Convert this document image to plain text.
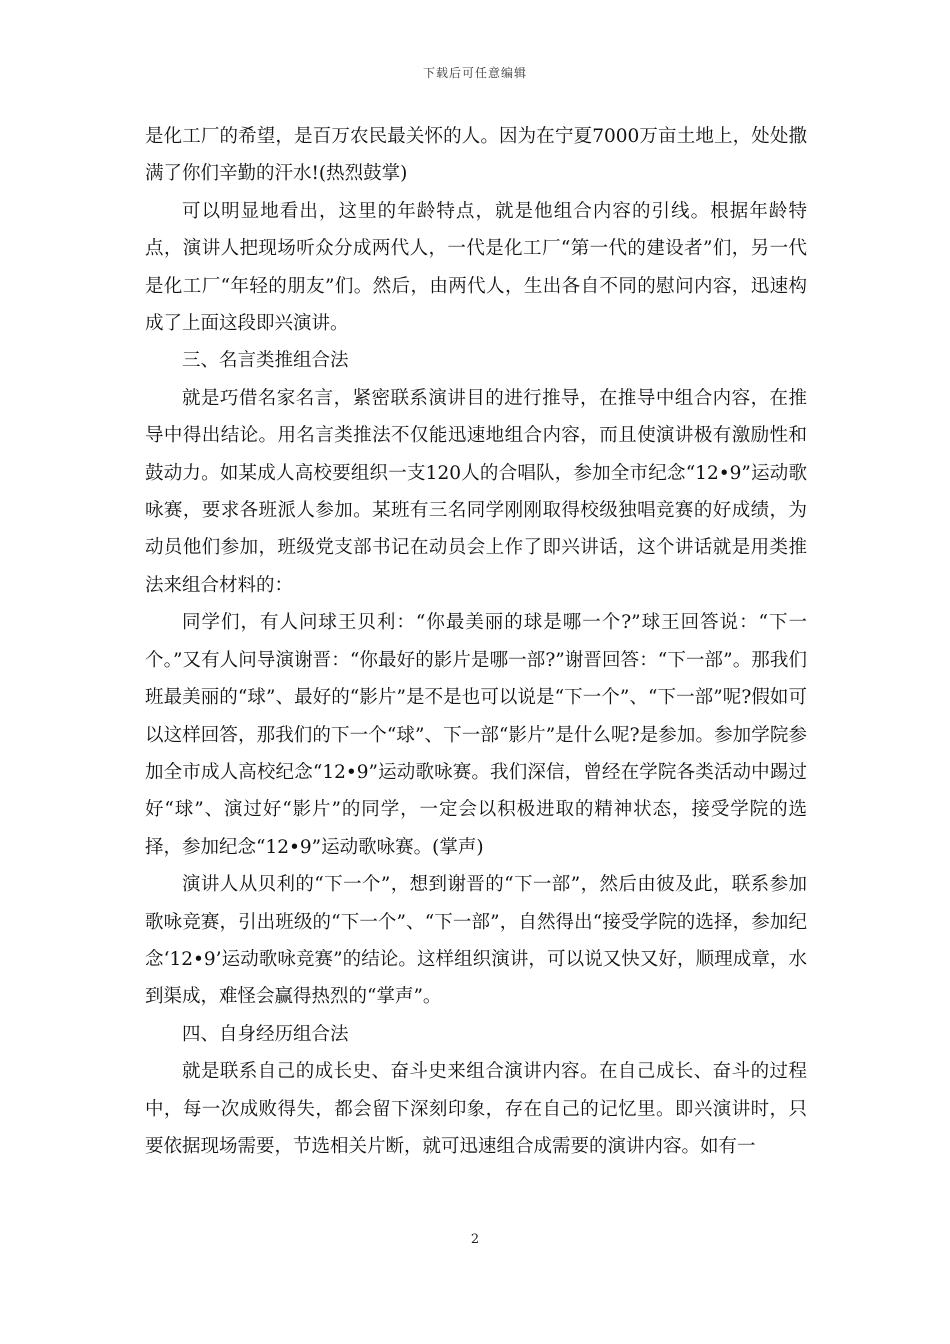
下载后可任意编辑

是化工厂的希望，是百万农民最关怀的人。因为在宁夏7000万亩土地上，处处撒满了你们辛勤的汗水!(热烈鼓掌)

可以明显地看出，这里的年龄特点，就是他组合内容的引线。根据年龄特点，演讲人把现场听众分成两代人，一代是化工厂“第一代的建设者”们，另一代是化工厂“年轻的朋友”们。然后，由两代人，生出各自不同的慰问内容，迅速构成了上面这段即兴演讲。

三、名言类推组合法

就是巧借名家名言，紧密联系演讲目的进行推导，在推导中组合内容，在推导中得出结论。用名言类推法不仅能迅速地组合内容，而且使演讲极有激励性和鼓动力。如某成人高校要组织一支120人的合唱队，参加全市纪念“12•9”运动歌咏赛，要求各班派人参加。某班有三名同学刚刚取得校级独唱竞赛的好成绩，为动员他们参加，班级党支部书记在动员会上作了即兴讲话，这个讲话就是用类推法来组合材料的：

同学们，有人问球王贝利：“你最美丽的球是哪一个?”球王回答说：“下一个。”又有人问导演谢晋：“你最好的影片是哪一部?”谢晋回答：“下一部”。那我们班最美丽的“球”、最好的“影片”是不是也可以说是“下一个”、“下一部”呢?假如可以这样回答，那我们的下一个“球”、下一部“影片”是什么呢?是参加。参加学院参加全市成人高校纪念“12•9”运动歌咏赛。我们深信，曾经在学院各类活动中踢过好“球”、演过好“影片”的同学，一定会以积极进取的精神状态，接受学院的选择，参加纪念“12•9”运动歌咏赛。(掌声)

演讲人从贝利的“下一个”，想到谢晋的“下一部”，然后由彼及此，联系参加歌咏竞赛，引出班级的“下一个”、“下一部”，自然得出“接受学院的选择，参加纪念‘12•9’运动歌咏竞赛”的结论。这样组织演讲，可以说又快又好，顺理成章，水到渠成，难怪会赢得热烈的“掌声”。

四、自身经历组合法

就是联系自己的成长史、奋斗史来组合演讲内容。在自己成长、奋斗的过程中，每一次成败得失，都会留下深刻印象，存在自己的记忆里。即兴演讲时，只要依据现场需要，节选相关片断，就可迅速组合成需要的演讲内容。如有一

2
